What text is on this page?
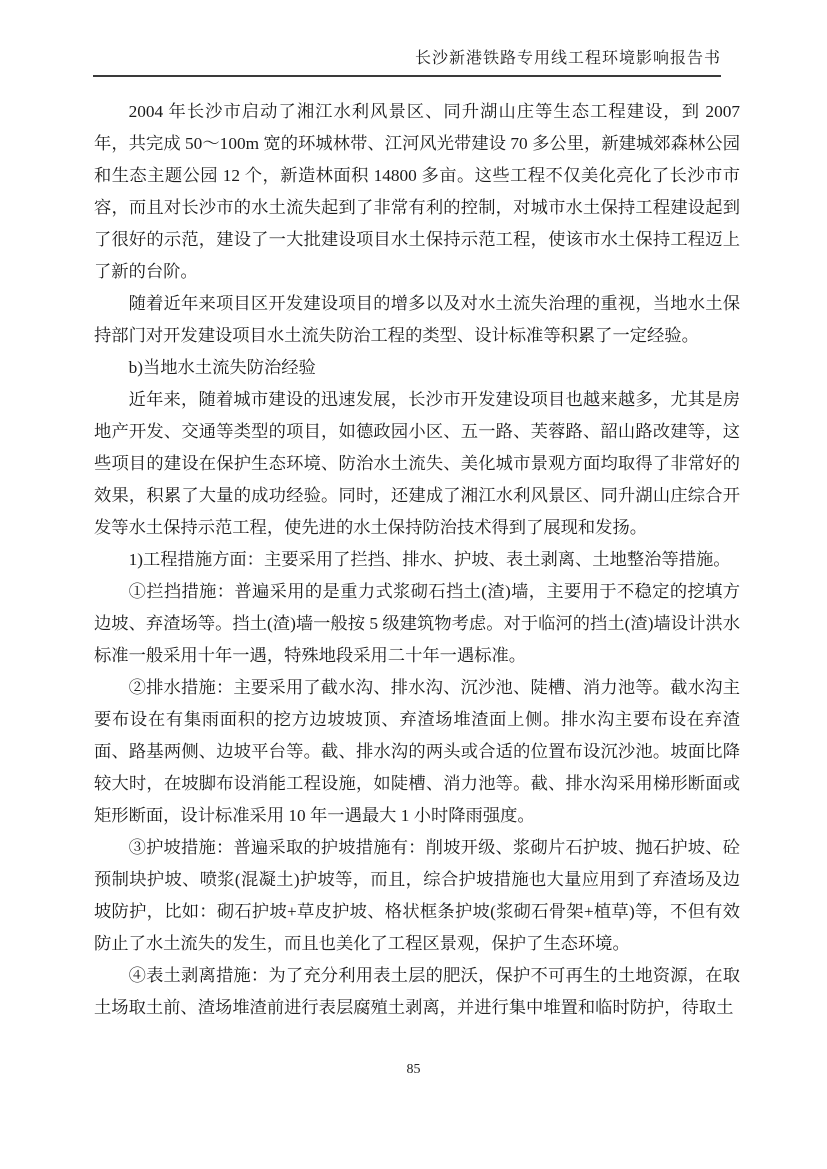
长沙新港铁路专用线工程环境影响报告书

2004 年长沙市启动了湘江水利风景区、同升湖山庄等生态工程建设，到 2007 年，共完成 50～100m 宽的环城林带、江河风光带建设 70 多公里，新建城郊森林公园和生态主题公园 12 个，新造林面积 14800 多亩。这些工程不仅美化亮化了长沙市市容，而且对长沙市的水土流失起到了非常有利的控制，对城市水土保持工程建设起到了很好的示范，建设了一大批建设项目水土保持示范工程，使该市水土保持工程迈上了新的台阶。

随着近年来项目区开发建设项目的增多以及对水土流失治理的重视，当地水土保持部门对开发建设项目水土流失防治工程的类型、设计标准等积累了一定经验。

b)当地水土流失防治经验

近年来，随着城市建设的迅速发展，长沙市开发建设项目也越来越多，尤其是房地产开发、交通等类型的项目，如德政园小区、五一路、芙蓉路、韶山路改建等，这些项目的建设在保护生态环境、防治水土流失、美化城市景观方面均取得了非常好的效果，积累了大量的成功经验。同时，还建成了湘江水利风景区、同升湖山庄综合开发等水土保持示范工程，使先进的水土保持防治技术得到了展现和发扬。

1)工程措施方面：主要采用了拦挡、排水、护坡、表土剥离、土地整治等措施。

①拦挡措施：普遍采用的是重力式浆砌石挡土(渣)墙，主要用于不稳定的挖填方边坡、弃渣场等。挡土(渣)墙一般按 5 级建筑物考虑。对于临河的挡土(渣)墙设计洪水标准一般采用十年一遇，特殊地段采用二十年一遇标准。

②排水措施：主要采用了截水沟、排水沟、沉沙池、陡槽、消力池等。截水沟主要布设在有集雨面积的挖方边坡坡顶、弃渣场堆渣面上侧。排水沟主要布设在弃渣面、路基两侧、边坡平台等。截、排水沟的两头或合适的位置布设沉沙池。坡面比降较大时，在坡脚布设消能工程设施，如陡槽、消力池等。截、排水沟采用梯形断面或矩形断面，设计标准采用 10 年一遇最大 1 小时降雨强度。

③护坡措施：普遍采取的护坡措施有：削坡开级、浆砌片石护坡、抛石护坡、砼预制块护坡、喷浆(混凝土)护坡等，而且，综合护坡措施也大量应用到了弃渣场及边坡防护，比如：砌石护坡+草皮护坡、格状框条护坡(浆砌石骨架+植草)等，不但有效防止了水土流失的发生，而且也美化了工程区景观，保护了生态环境。

④表土剥离措施：为了充分利用表土层的肥沃，保护不可再生的土地资源，在取土场取土前、渣场堆渣前进行表层腐殖土剥离，并进行集中堆置和临时防护，待取土

85
